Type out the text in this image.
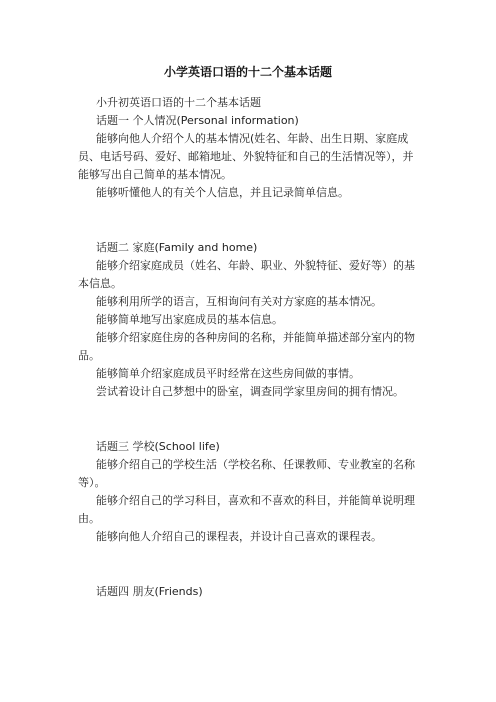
小学英语口语的十二个基本话题

小升初英语口语的十二个基本话题

话题一 个人情况(Personal information)

能够向他人介绍个人的基本情况(姓名、年龄、出生日期、家庭成员、电话号码、爱好、邮箱地址、外貌特征和自己的生活情况等），并能够写出自己简单的基本情况。

能够听懂他人的有关个人信息，并且记录简单信息。

话题二 家庭(Family and home)

能够介绍家庭成员（姓名、年龄、职业、外貌特征、爱好等）的基本信息。

能够利用所学的语言，互相询问有关对方家庭的基本情况。

能够简单地写出家庭成员的基本信息。

能够介绍家庭住房的各种房间的名称，并能简单描述部分室内的物品。

能够简单介绍家庭成员平时经常在这些房间做的事情。

尝试着设计自己梦想中的卧室，调查同学家里房间的拥有情况。

话题三 学校(School life)

能够介绍自己的学校生活（学校名称、任课教师、专业教室的名称等）。

能够介绍自己的学习科目，喜欢和不喜欢的科目，并能简单说明理由。

能够向他人介绍自己的课程表，并设计自己喜欢的课程表。

话题四 朋友(Friends)
